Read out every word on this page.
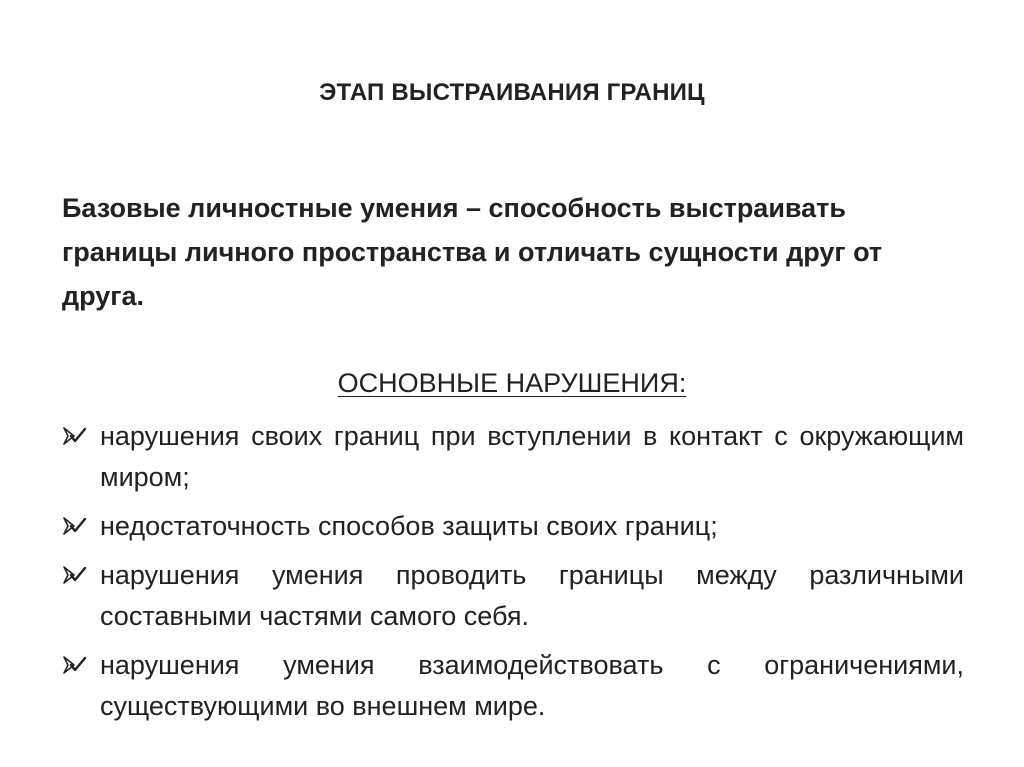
ЭТАП ВЫСТРАИВАНИЯ ГРАНИЦ
Базовые личностные умения – способность выстраивать границы личного пространства и отличать сущности друг от друга.
ОСНОВНЫЕ НАРУШЕНИЯ:
нарушения своих границ при вступлении в контакт с окружающим миром;
недостаточность способов защиты своих границ;
нарушения умения проводить границы между различными составными частями самого себя.
нарушения умения взаимодействовать с ограничениями, существующими во внешнем мире.
